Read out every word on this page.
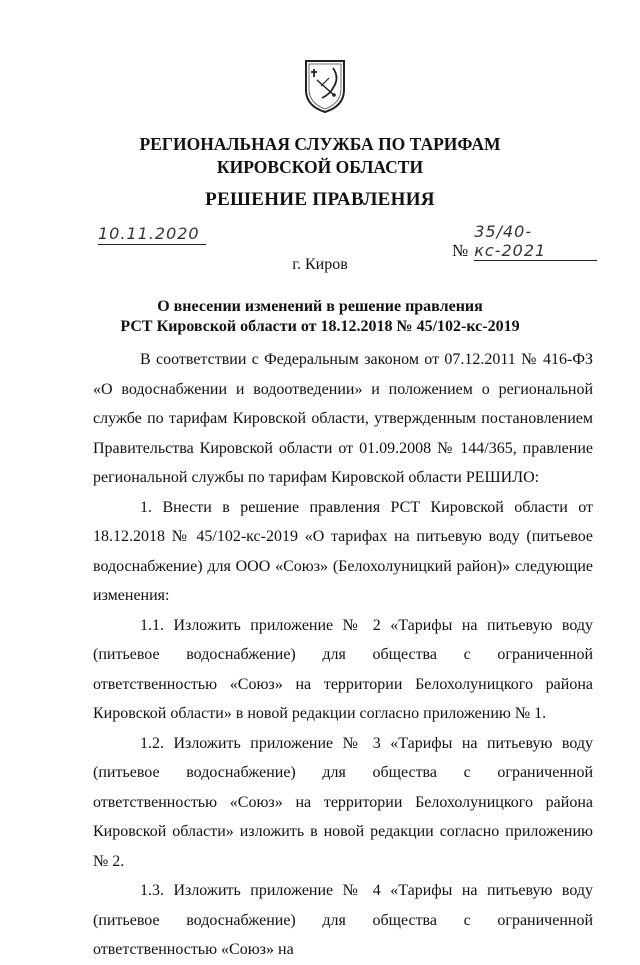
РЕГИОНАЛЬНАЯ СЛУЖБА ПО ТАРИФАМ
КИРОВСКОЙ ОБЛАСТИ
РЕШЕНИЕ ПРАВЛЕНИЯ
10.11.2020
№35/40-кс-2021
г. Киров
О внесении изменений в решение правления
РСТ Кировской области от 18.12.2018 № 45/102-кс-2019

В соответствии с Федеральным законом от 07.12.2011 № 416-ФЗ «О водоснабжении и водоотведении» и положением о региональной службе по тарифам Кировской области, утвержденным постановлением Правительства Кировской области от 01.09.2008 № 144/365, правление региональной службы по тарифам Кировской области РЕШИЛО:

1. Внести в решение правления РСТ Кировской области от 18.12.2018 № 45/102-кс-2019 «О тарифах на питьевую воду (питьевое водоснабжение) для ООО «Союз» (Белохолуницкий район)» следующие изменения:

1.1. Изложить приложение № 2 «Тарифы на питьевую воду (питьевое водоснабжение) для общества с ограниченной ответственностью «Союз» на территории Белохолуницкого района Кировской области» в новой редакции согласно приложению № 1.

1.2. Изложить приложение № 3 «Тарифы на питьевую воду (питьевое водоснабжение) для общества с ограниченной ответственностью «Союз» на территории Белохолуницкого района Кировской области» изложить в новой редакции согласно приложению № 2.

1.3. Изложить приложение № 4 «Тарифы на питьевую воду (питьевое водоснабжение) для общества с ограниченной ответственностью «Союз» на
